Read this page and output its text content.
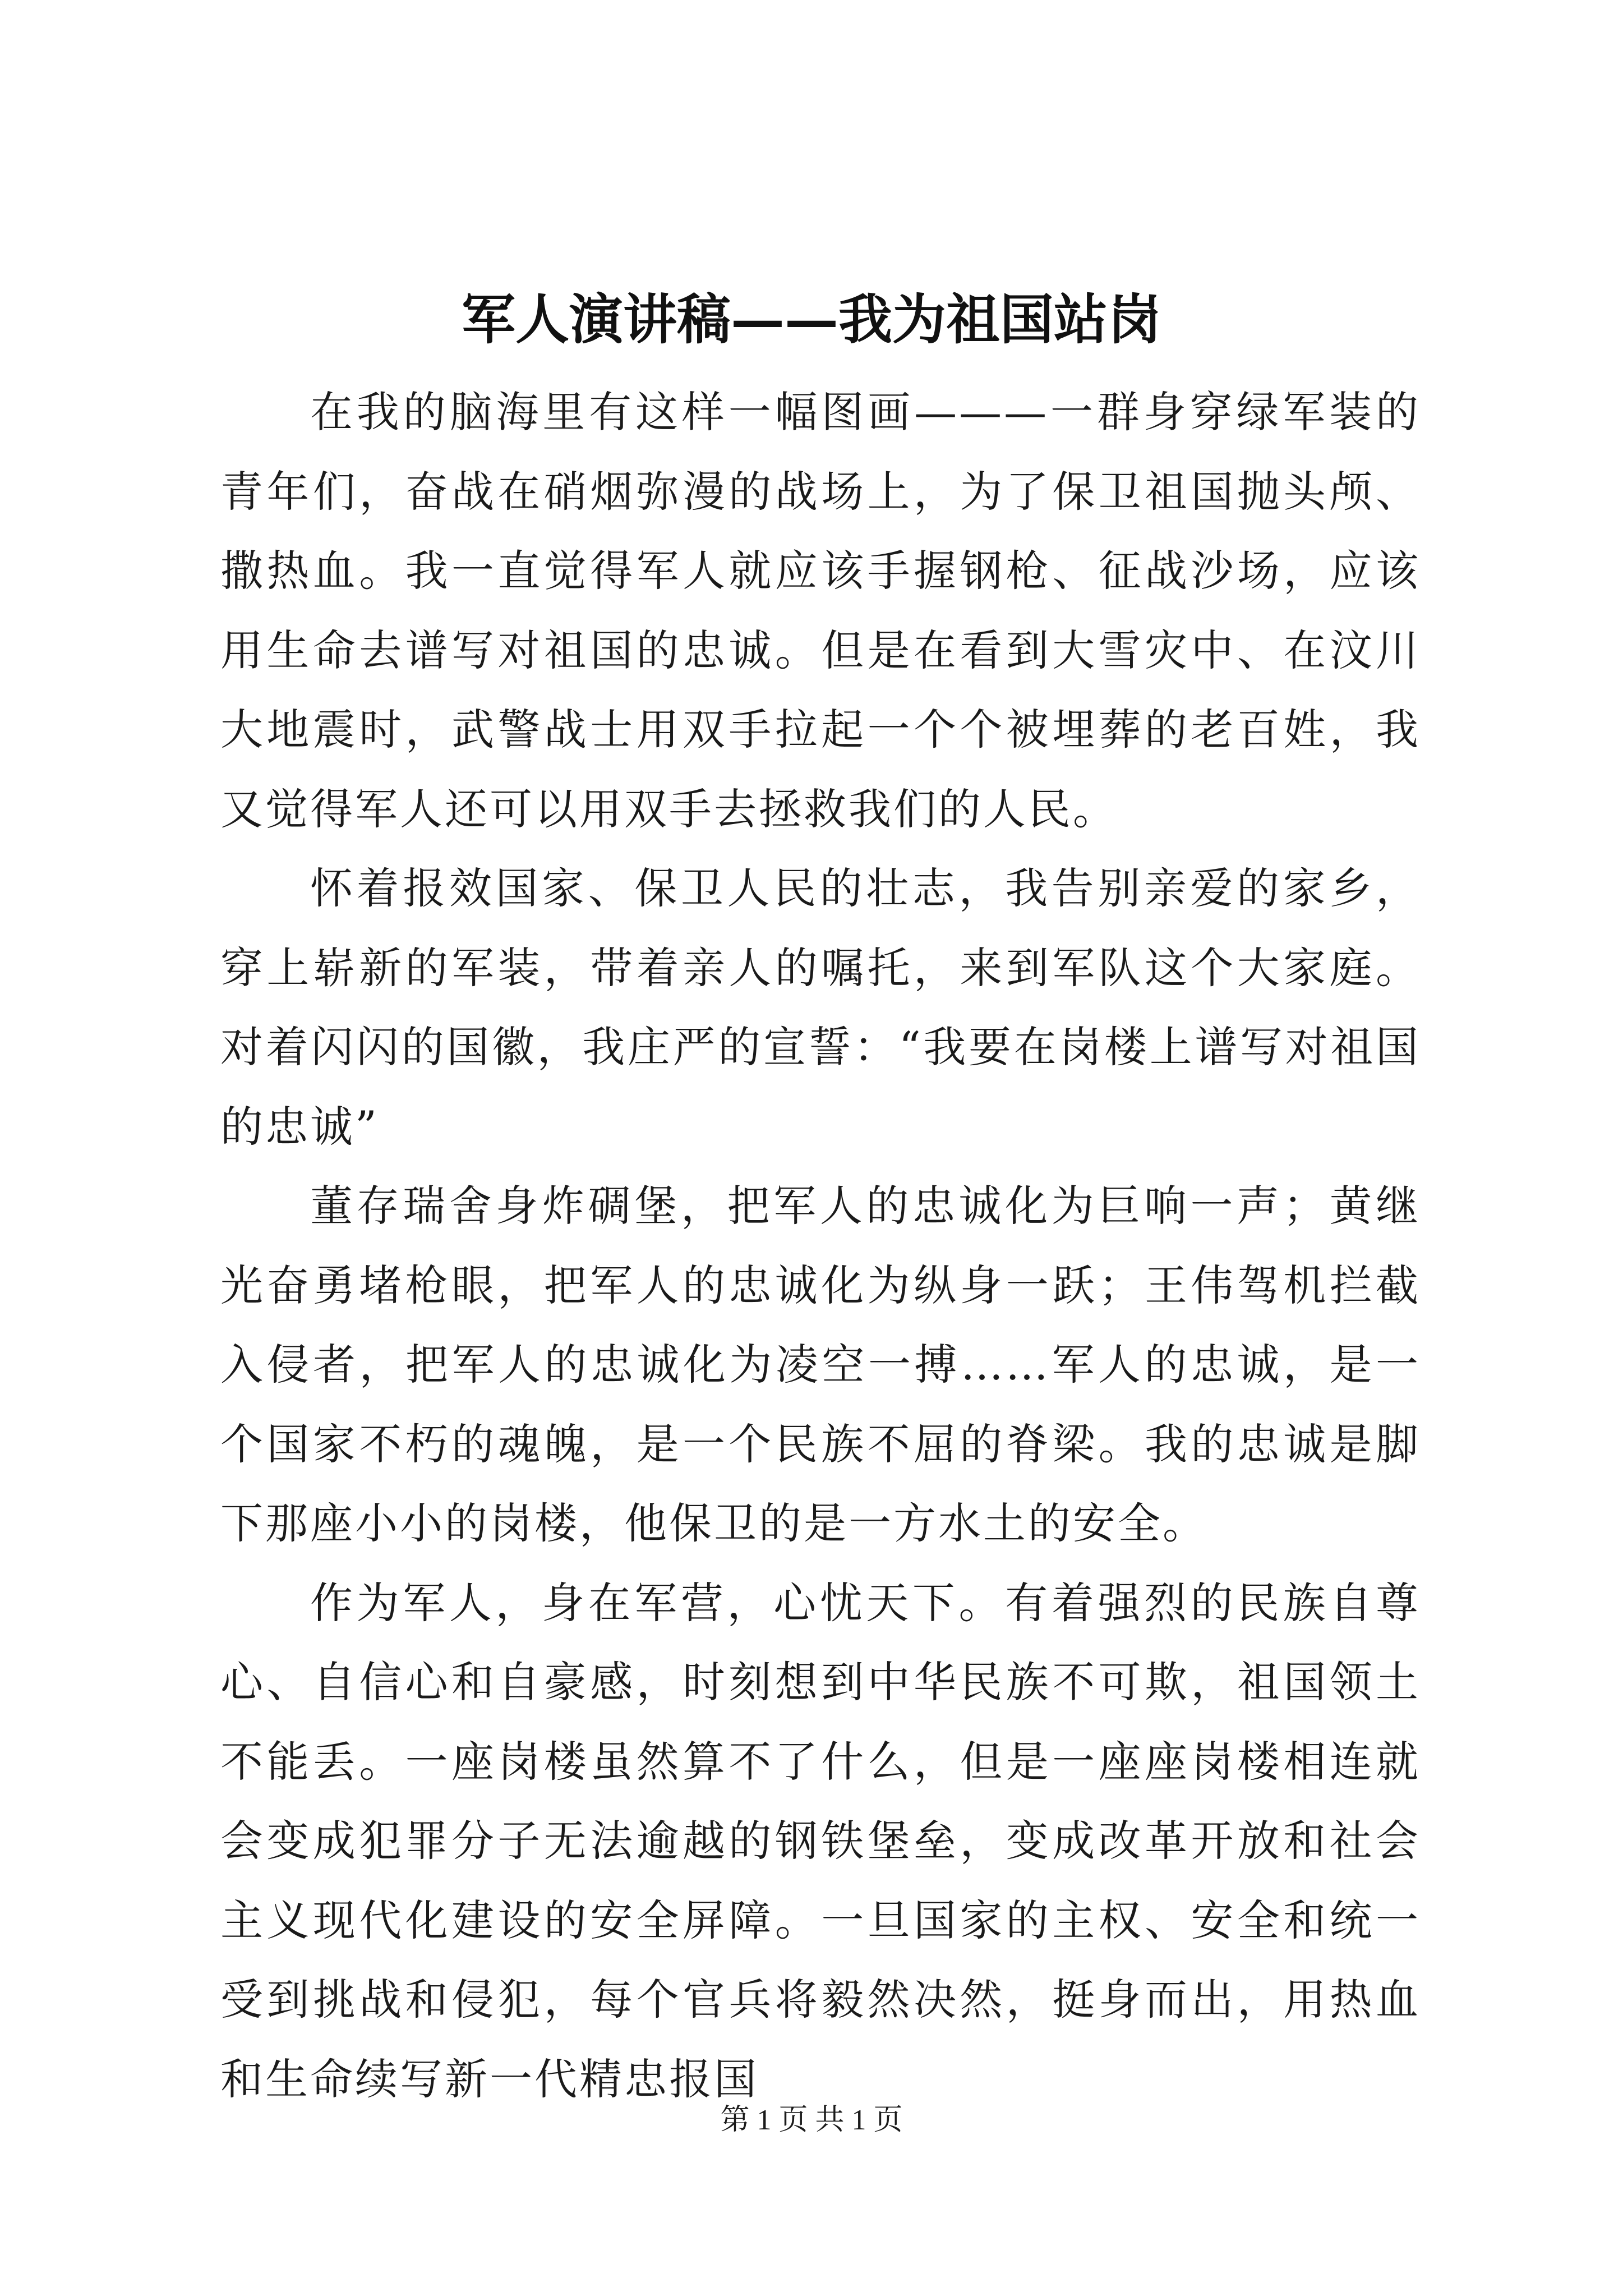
军人演讲稿——我为祖国站岗

在我的脑海里有这样一幅图画———一群身穿绿军装的青年们，奋战在硝烟弥漫的战场上，为了保卫祖国抛头颅、撒热血。我一直觉得军人就应该手握钢枪、征战沙场，应该用生命去谱写对祖国的忠诚。但是在看到大雪灾中、在汶川大地震时，武警战士用双手拉起一个个被埋葬的老百姓，我又觉得军人还可以用双手去拯救我们的人民。

怀着报效国家、保卫人民的壮志，我告别亲爱的家乡，穿上崭新的军装，带着亲人的嘱托，来到军队这个大家庭。对着闪闪的国徽，我庄严的宣誓：“我要在岗楼上谱写对祖国的忠诚”

董存瑞舍身炸碉堡，把军人的忠诚化为巨响一声；黄继光奋勇堵枪眼，把军人的忠诚化为纵身一跃；王伟驾机拦截入侵者，把军人的忠诚化为凌空一搏……军人的忠诚，是一个国家不朽的魂魄，是一个民族不屈的脊梁。我的忠诚是脚下那座小小的岗楼，他保卫的是一方水土的安全。

作为军人，身在军营，心忧天下。有着强烈的民族自尊心、自信心和自豪感，时刻想到中华民族不可欺，祖国领土不能丢。一座岗楼虽然算不了什么，但是一座座岗楼相连就会变成犯罪分子无法逾越的钢铁堡垒，变成改革开放和社会主义现代化建设的安全屏障。一旦国家的主权、安全和统一受到挑战和侵犯，每个官兵将毅然决然，挺身而出，用热血和生命续写新一代精忠报国

第 1 页 共 1 页
